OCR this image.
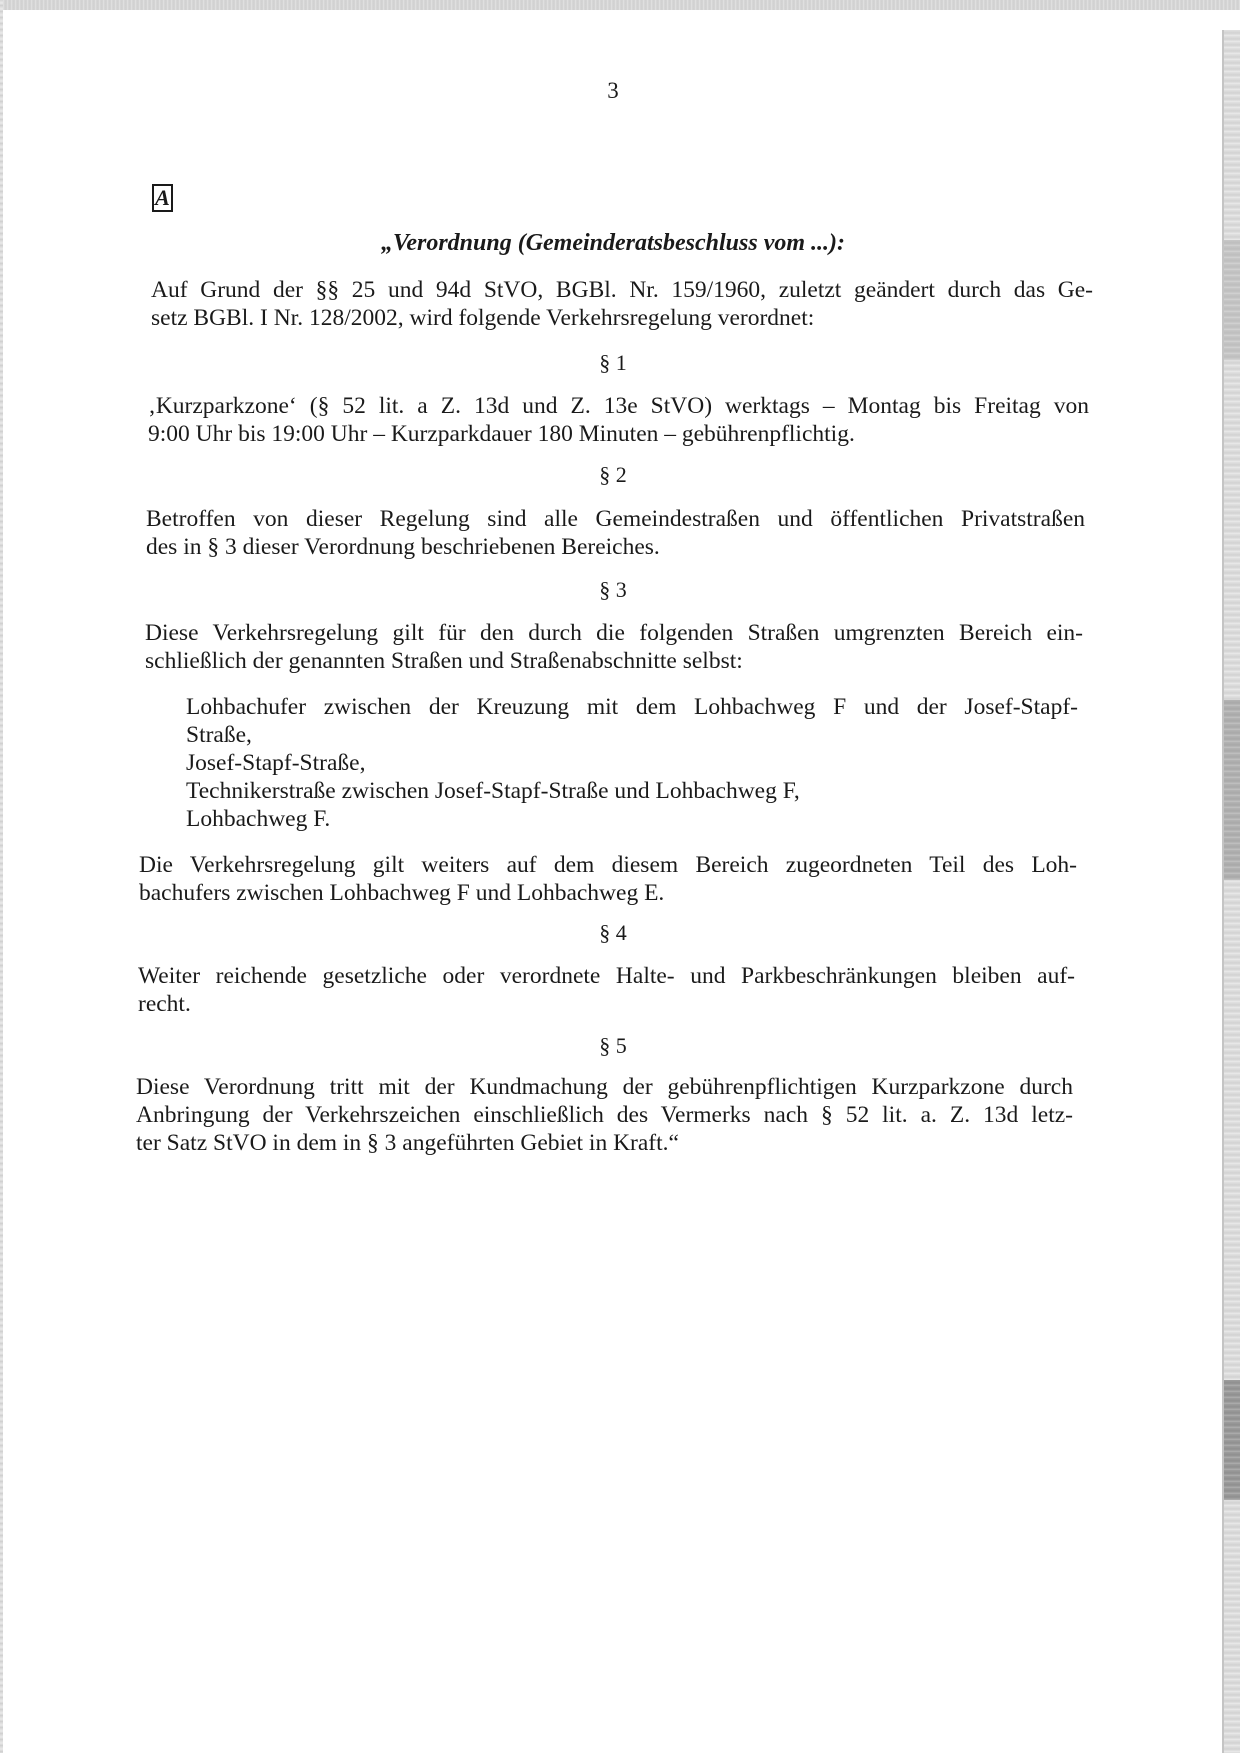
3
A
„Verordnung (Gemeinderatsbeschluss vom ...):
Auf Grund der §§ 25 und 94d StVO, BGBl. Nr. 159/1960, zuletzt geändert durch das Ge-
setz BGBl. I Nr. 128/2002, wird folgende Verkehrsregelung verordnet:
§ 1
‚Kurzparkzone‘ (§ 52 lit. a Z. 13d und Z. 13e StVO) werktags – Montag bis Freitag von
9:00 Uhr bis 19:00 Uhr – Kurzparkdauer 180 Minuten – gebührenpflichtig.
§ 2
Betroffen von dieser Regelung sind alle Gemeindestraßen und öffentlichen Privatstraßen
des in § 3 dieser Verordnung beschriebenen Bereiches.
§ 3
Diese Verkehrsregelung gilt für den durch die folgenden Straßen umgrenzten Bereich ein-
schließlich der genannten Straßen und Straßenabschnitte selbst:
Lohbachufer zwischen der Kreuzung mit dem Lohbachweg F und der Josef-Stapf-
Straße,
Josef-Stapf-Straße,
Technikerstraße zwischen Josef-Stapf-Straße und Lohbachweg F,
Lohbachweg F.
Die Verkehrsregelung gilt weiters auf dem diesem Bereich zugeordneten Teil des Loh-
bachufers zwischen Lohbachweg F und Lohbachweg E.
§ 4
Weiter reichende gesetzliche oder verordnete Halte- und Parkbeschränkungen bleiben auf-
recht.
§ 5
Diese Verordnung tritt mit der Kundmachung der gebührenpflichtigen Kurzparkzone durch
Anbringung der Verkehrszeichen einschließlich des Vermerks nach § 52 lit. a. Z. 13d letz-
ter Satz StVO in dem in § 3 angeführten Gebiet in Kraft.“
